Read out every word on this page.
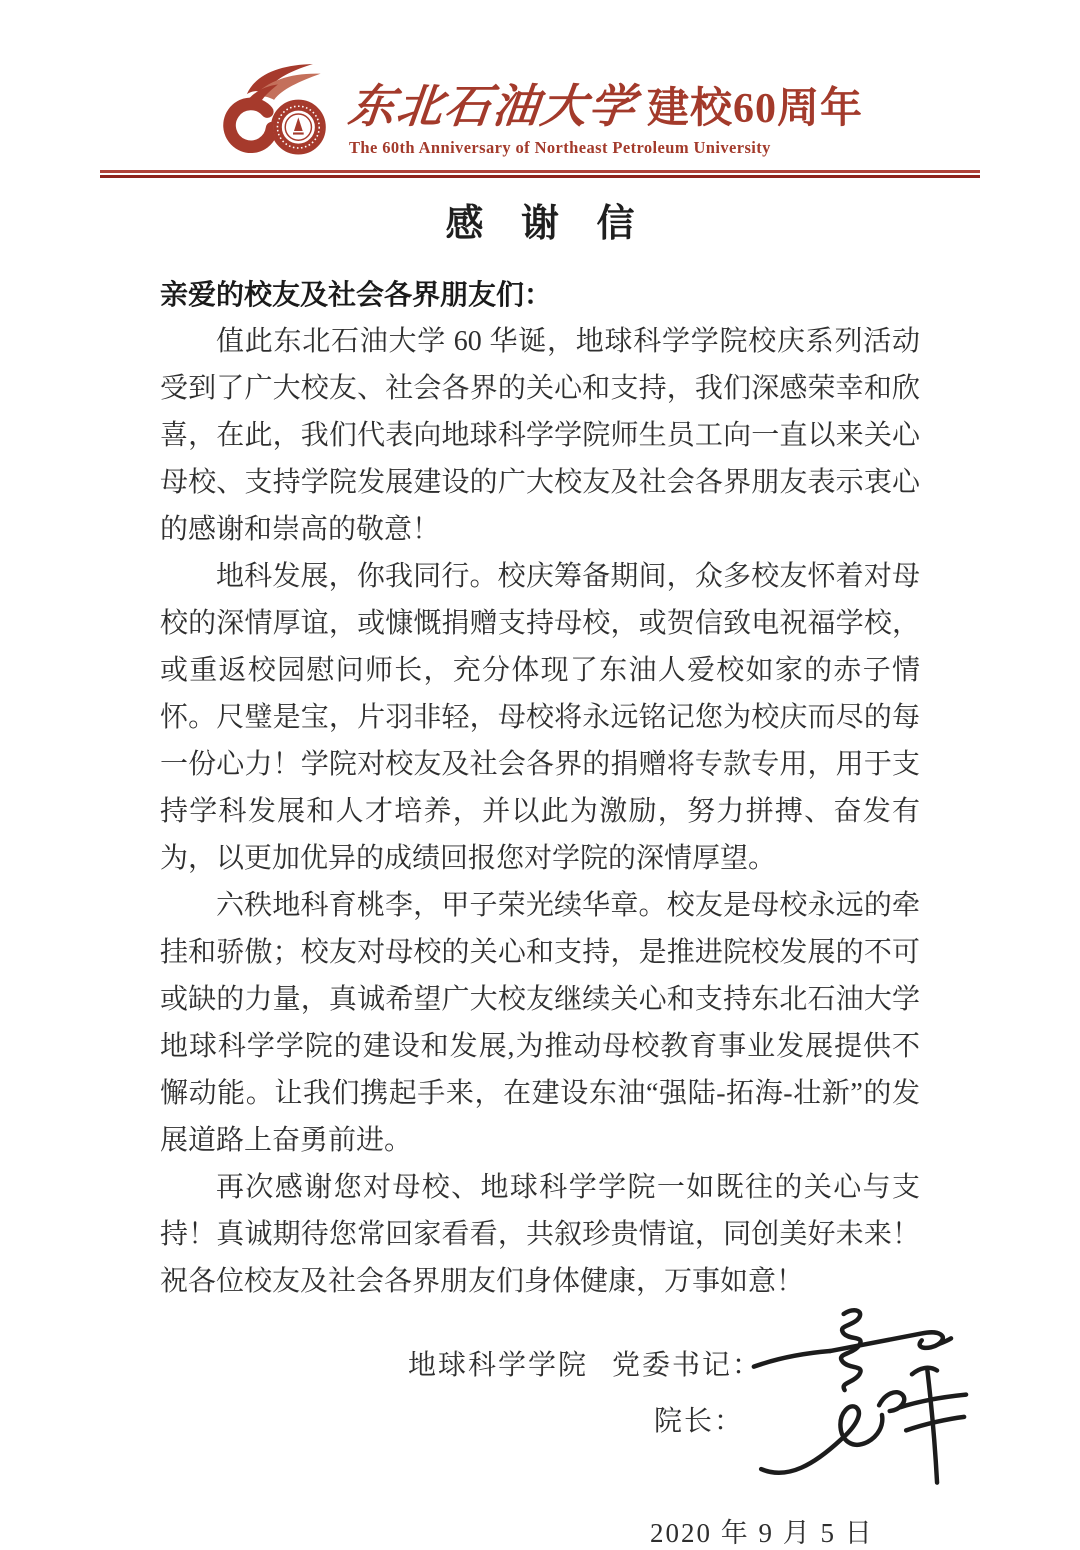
东北石油大学 建校60周年
The 60th Anniversary of Northeast Petroleum University
感 谢 信

亲爱的校友及社会各界朋友们：

值此东北石油大学 60 华诞，地球科学学院校庆系列活动受到了广大校友、社会各界的关心和支持，我们深感荣幸和欣喜，在此，我们代表向地球科学学院师生员工向一直以来关心母校、支持学院发展建设的广大校友及社会各界朋友表示衷心的感谢和崇高的敬意！

地科发展，你我同行。校庆筹备期间，众多校友怀着对母校的深情厚谊，或慷慨捐赠支持母校，或贺信致电祝福学校，或重返校园慰问师长，充分体现了东油人爱校如家的赤子情怀。尺璧是宝，片羽非轻，母校将永远铭记您为校庆而尽的每一份心力！学院对校友及社会各界的捐赠将专款专用，用于支持学科发展和人才培养，并以此为激励，努力拼搏、奋发有为，以更加优异的成绩回报您对学院的深情厚望。

六秩地科育桃李，甲子荣光续华章。校友是母校永远的牵挂和骄傲；校友对母校的关心和支持，是推进院校发展的不可或缺的力量，真诚希望广大校友继续关心和支持东北石油大学地球科学学院的建设和发展,为推动母校教育事业发展提供不懈动能。让我们携起手来，在建设东油“强陆-拓海-壮新”的发展道路上奋勇前进。

再次感谢您对母校、地球科学学院一如既往的关心与支持！真诚期待您常回家看看，共叙珍贵情谊，同创美好未来！祝各位校友及社会各界朋友们身体健康，万事如意！

地球科学学院 党委书记：
院长：
2020 年 9 月 5 日
